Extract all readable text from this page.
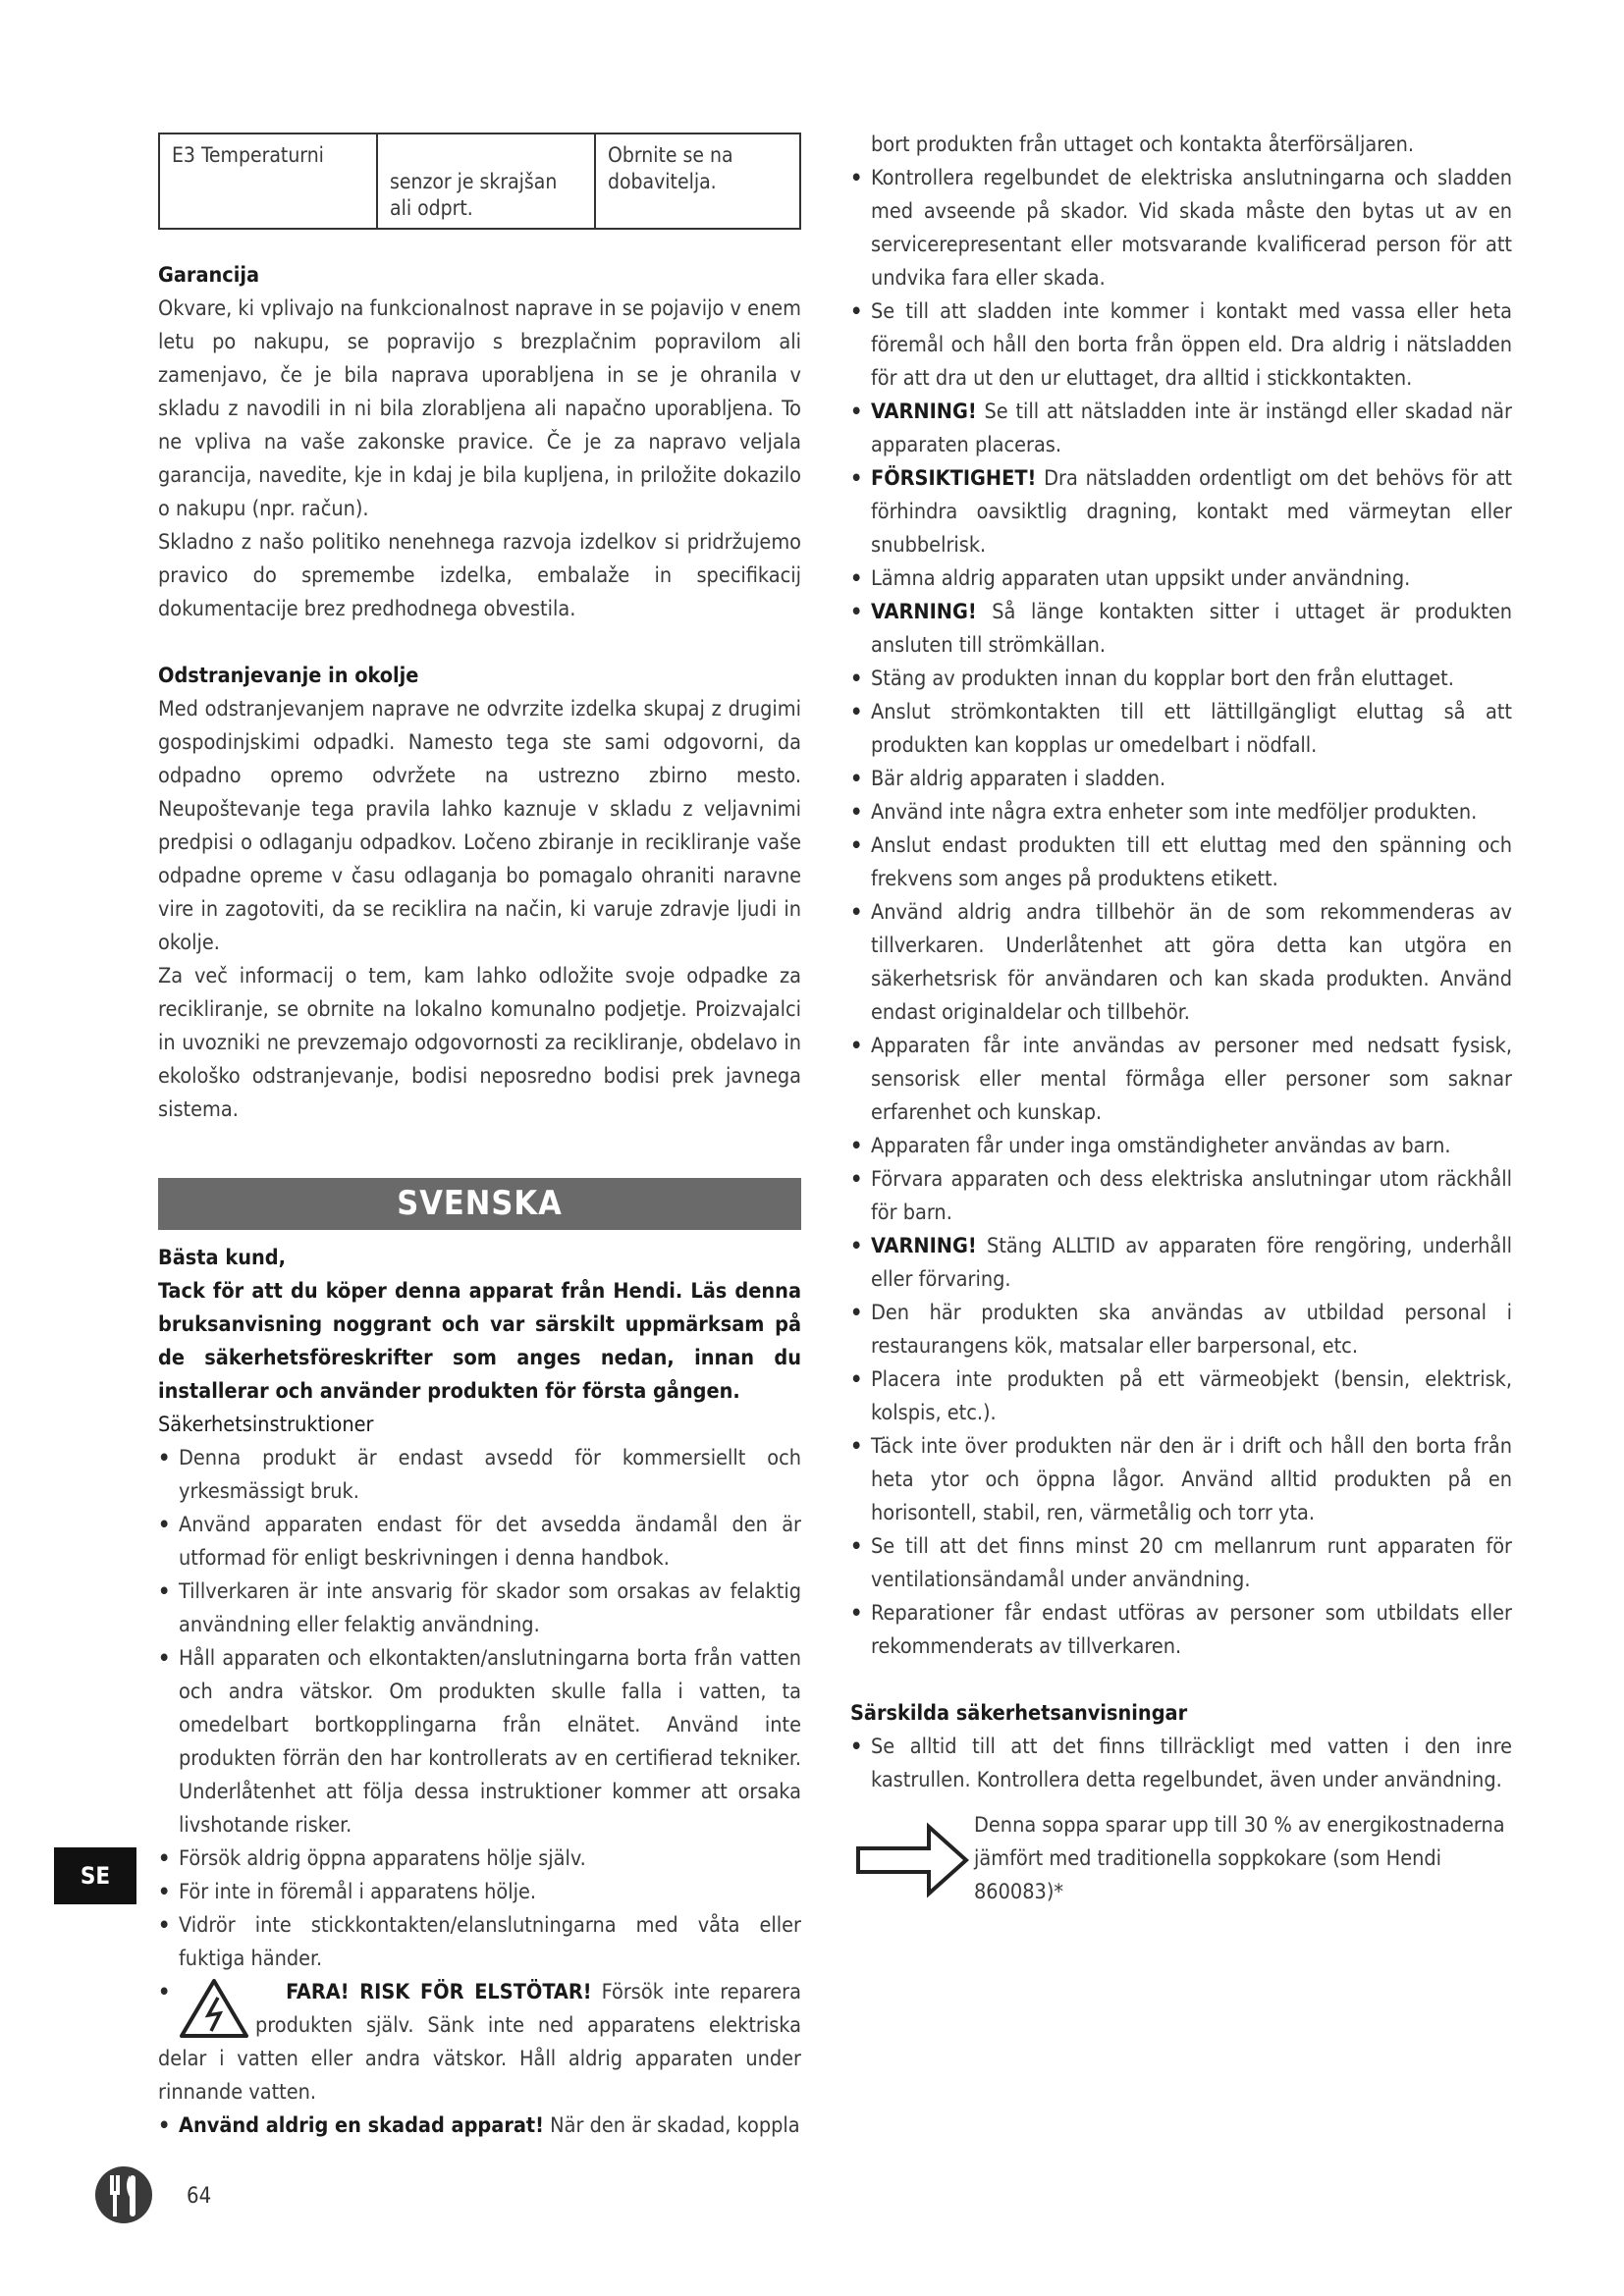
E3 Temperaturni	senzor je skrajšan ali odprt.	Obrnite se na dobavitelja.
Garancija

Okvare, ki vplivajo na funkcionalnost naprave in se pojavijo v enem letu po nakupu, se popravijo s brezplačnim popravilom ali zamenjavo, če je bila naprava uporabljena in se je ohranila v skladu z navodili in ni bila zlorabljena ali napačno uporabljena. To ne vpliva na vaše zakonske pravice. Če je za napravo veljala garancija, navedite, kje in kdaj je bila kupljena, in priložite dokazilo o nakupu (npr. račun).

Skladno z našo politiko nenehnega razvoja izdelkov si pridržujemo pravico do spremembe izdelka, embalaže in specifikacij dokumentacije brez predhodnega obvestila.

Odstranjevanje in okolje

Med odstranjevanjem naprave ne odvrzite izdelka skupaj z drugimi gospodinjskimi odpadki. Namesto tega ste sami odgovorni, da odpadno opremo odvržete na ustrezno zbirno mesto. Neupoštevanje tega pravila lahko kaznuje v skladu z veljavnimi predpisi o odlaganju odpadkov. Ločeno zbiranje in recikliranje vaše odpadne opreme v času odlaganja bo pomagalo ohraniti naravne vire in zagotoviti, da se reciklira na način, ki varuje zdravje ljudi in okolje.

Za več informacij o tem, kam lahko odložite svoje odpadke za recikliranje, se obrnite na lokalno komunalno podjetje. Proizvajalci in uvozniki ne prevzemajo odgovornosti za recikliranje, obdelavo in ekološko odstranjevanje, bodisi neposredno bodisi prek javnega sistema.

SVENSKA

Bästa kund,

Tack för att du köper denna apparat från Hendi. Läs denna bruksanvisning noggrant och var särskilt uppmärksam på de säkerhetsföreskrifter som anges nedan, innan du installerar och använder produkten för första gången.

Säkerhetsinstruktioner
• Denna produkt är endast avsedd för kommersiellt och yrkesmässigt bruk.
• Använd apparaten endast för det avsedda ändamål den är utformad för enligt beskrivningen i denna handbok.
• Tillverkaren är inte ansvarig för skador som orsakas av felaktig användning eller felaktig användning.
• Håll apparaten och elkontakten/anslutningarna borta från vatten och andra vätskor. Om produkten skulle falla i vatten, ta omedelbart bortkopplingarna från elnätet. Använd inte produkten förrän den har kontrollerats av en certifierad tekniker. Underlåtenhet att följa dessa instruktioner kommer att orsaka livshotande risker.
• Försök aldrig öppna apparatens hölje själv.
• För inte in föremål i apparatens hölje.
• Vidrör inte stickkontakten/elanslutningarna med våta eller fuktiga händer.
•
	FARA! RISK FÖR ELSTÖTAR! Försök inte reparera produkten själv. Sänk inte ned apparatens elektriska delar i vatten eller andra vätskor. Håll aldrig apparaten under rinnande vatten.
• Använd aldrig en skadad apparat! När den är skadad, koppla

bort produkten från uttaget och kontakta återförsäljaren.

• Kontrollera regelbundet de elektriska anslutningarna och sladden med avseende på skador. Vid skada måste den bytas ut av en servicerepresentant eller motsvarande kvalificerad person för att undvika fara eller skada.
• Se till att sladden inte kommer i kontakt med vassa eller heta föremål och håll den borta från öppen eld. Dra aldrig i nätsladden för att dra ut den ur eluttaget, dra alltid i stickkontakten.
• VARNING! Se till att nätsladden inte är instängd eller skadad när apparaten placeras.
• FÖRSIKTIGHET! Dra nätsladden ordentligt om det behövs för att förhindra oavsiktlig dragning, kontakt med värmeytan eller snubbelrisk.
• Lämna aldrig apparaten utan uppsikt under användning.
• VARNING! Så länge kontakten sitter i uttaget är produkten ansluten till strömkällan.
• Stäng av produkten innan du kopplar bort den från eluttaget.
• Anslut strömkontakten till ett lättillgängligt eluttag så att produkten kan kopplas ur omedelbart i nödfall.
• Bär aldrig apparaten i sladden.
• Använd inte några extra enheter som inte medföljer produkten.
• Anslut endast produkten till ett eluttag med den spänning och frekvens som anges på produktens etikett.
• Använd aldrig andra tillbehör än de som rekommenderas av tillverkaren. Underlåtenhet att göra detta kan utgöra en säkerhetsrisk för användaren och kan skada produkten. Använd endast originaldelar och tillbehör.
• Apparaten får inte användas av personer med nedsatt fysisk, sensorisk eller mental förmåga eller personer som saknar erfarenhet och kunskap.
• Apparaten får under inga omständigheter användas av barn.
• Förvara apparaten och dess elektriska anslutningar utom räckhåll för barn.
• VARNING! Stäng ALLTID av apparaten före rengöring, underhåll eller förvaring.
• Den här produkten ska användas av utbildad personal i restaurangens kök, matsalar eller barpersonal, etc.
• Placera inte produkten på ett värmeobjekt (bensin, elektrisk, kolspis, etc.).
• Täck inte över produkten när den är i drift och håll den borta från heta ytor och öppna lågor. Använd alltid produkten på en horisontell, stabil, ren, värmetålig och torr yta.
• Se till att det finns minst 20 cm mellanrum runt apparaten för ventilationsändamål under användning.
• Reparationer får endast utföras av personer som utbildats eller rekommenderats av tillverkaren.
Särskilda säkerhetsanvisningar
• Se alltid till att det finns tillräckligt med vatten i den inre kastrullen. Kontrollera detta regelbundet, även under användning.
Denna soppa sparar upp till 30 % av energikostnaderna jämfört med traditionella soppkokare (som Hendi 860083)*
SE
64
